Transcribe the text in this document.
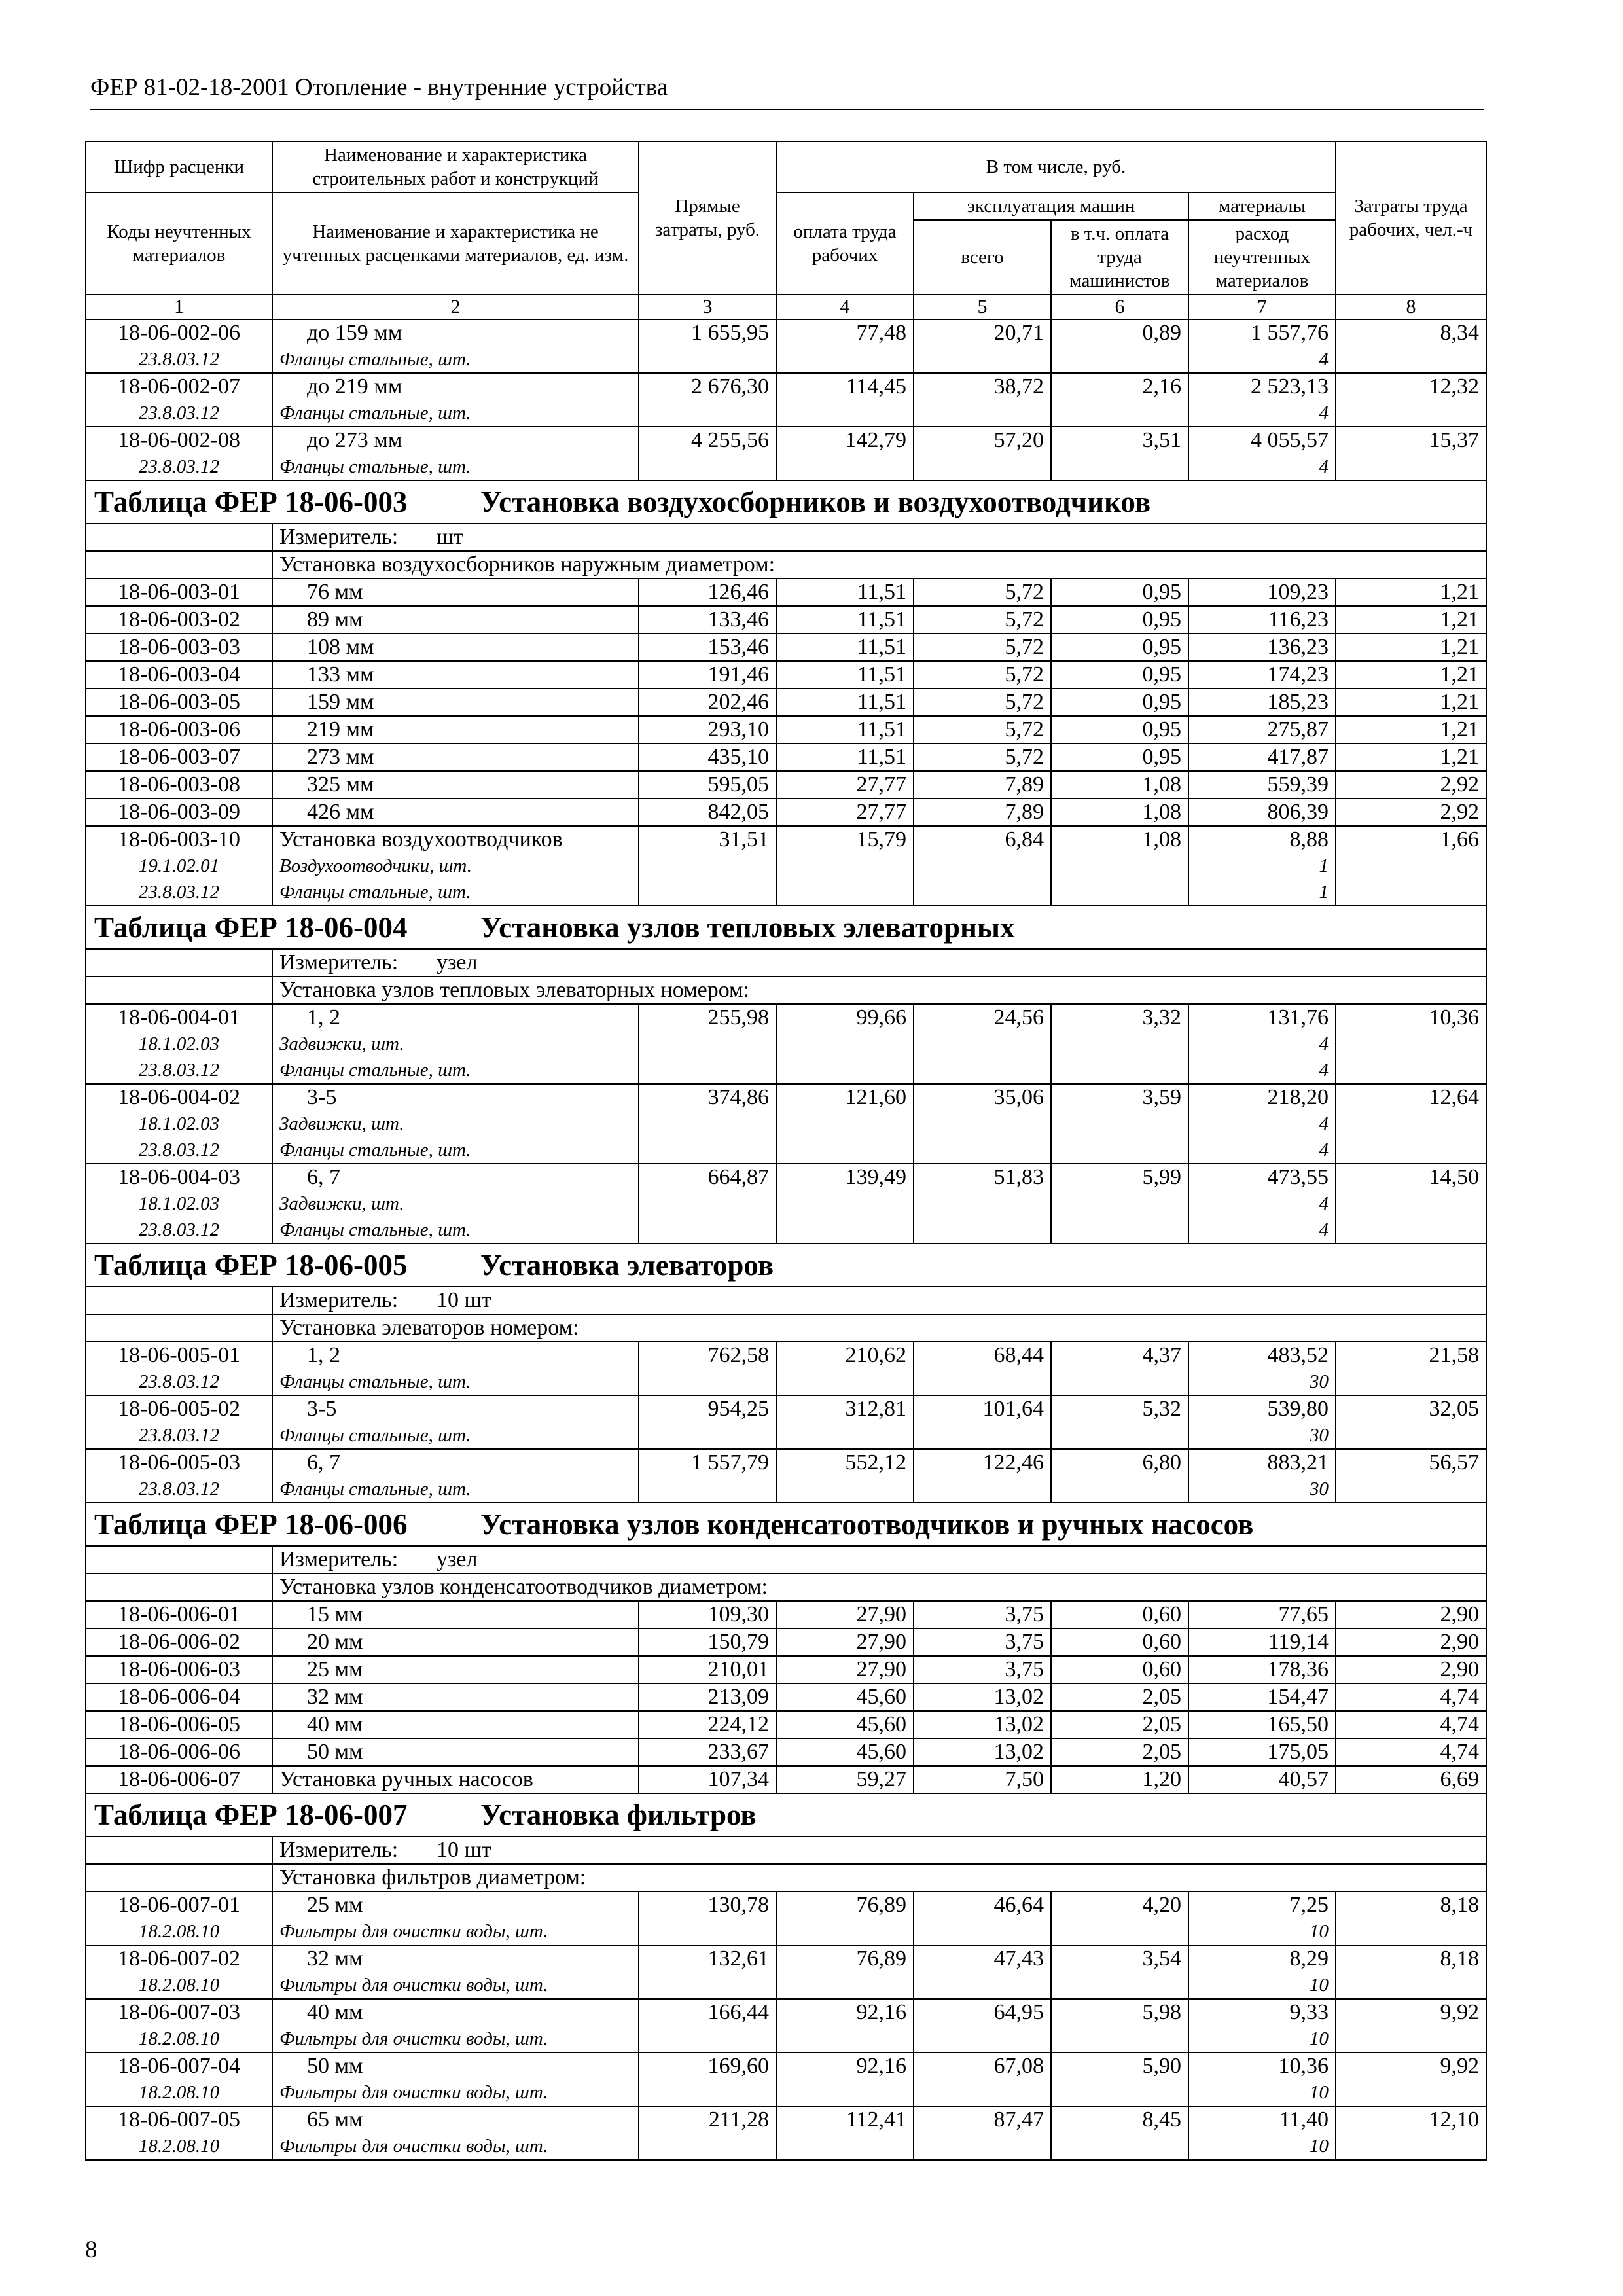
ФЕР 81-02-18-2001 Отопление - внутренние устройства
Шифр расценки	Наименование и характеристика строительных работ и конструкций	Прямые затраты, руб.	В том числе, руб.				Затраты труда рабочих, чел.-ч
Коды неучтенных материалов	Наименование и характеристика не учтенных расценками материалов, ед. изм.		оплата труда рабочих	эксплуатация машин		материалы	
				всего	в т.ч. оплата труда машинистов	расход неучтенных материалов	
1	2	3	4	5	6	7	8
18-06-002-06	до 159 мм	1 655,95	77,48	20,71	0,89	1 557,76	8,34
23.8.03.12	Фланцы стальные, шт.					4	
18-06-002-07	до 219 мм	2 676,30	114,45	38,72	2,16	2 523,13	12,32
23.8.03.12	Фланцы стальные, шт.					4	
18-06-002-08	до 273 мм	4 255,56	142,79	57,20	3,51	4 055,57	15,37
23.8.03.12	Фланцы стальные, шт.					4	
Таблица ФЕР 18-06-003 Установка воздухосборников и воздухоотводчиков							
	Измеритель: шт						
	Установка воздухосборников наружным диаметром:						
18-06-003-01	76 мм	126,46	11,51	5,72	0,95	109,23	1,21
18-06-003-02	89 мм	133,46	11,51	5,72	0,95	116,23	1,21
18-06-003-03	108 мм	153,46	11,51	5,72	0,95	136,23	1,21
18-06-003-04	133 мм	191,46	11,51	5,72	0,95	174,23	1,21
18-06-003-05	159 мм	202,46	11,51	5,72	0,95	185,23	1,21
18-06-003-06	219 мм	293,10	11,51	5,72	0,95	275,87	1,21
18-06-003-07	273 мм	435,10	11,51	5,72	0,95	417,87	1,21
18-06-003-08	325 мм	595,05	27,77	7,89	1,08	559,39	2,92
18-06-003-09	426 мм	842,05	27,77	7,89	1,08	806,39	2,92
18-06-003-10	Установка воздухоотводчиков	31,51	15,79	6,84	1,08	8,88	1,66
19.1.02.01	Воздухоотводчики, шт.					1	
23.8.03.12	Фланцы стальные, шт.					1	
Таблица ФЕР 18-06-004 Установка узлов тепловых элеваторных							
	Измеритель: узел						
	Установка узлов тепловых элеваторных номером:						
18-06-004-01	1, 2	255,98	99,66	24,56	3,32	131,76	10,36
18.1.02.03	Задвижки, шт.					4	
23.8.03.12	Фланцы стальные, шт.					4	
18-06-004-02	3-5	374,86	121,60	35,06	3,59	218,20	12,64
18.1.02.03	Задвижки, шт.					4	
23.8.03.12	Фланцы стальные, шт.					4	
18-06-004-03	6, 7	664,87	139,49	51,83	5,99	473,55	14,50
18.1.02.03	Задвижки, шт.					4	
23.8.03.12	Фланцы стальные, шт.					4	
Таблица ФЕР 18-06-005 Установка элеваторов							
	Измеритель: 10 шт						
	Установка элеваторов номером:						
18-06-005-01	1, 2	762,58	210,62	68,44	4,37	483,52	21,58
23.8.03.12	Фланцы стальные, шт.					30	
18-06-005-02	3-5	954,25	312,81	101,64	5,32	539,80	32,05
23.8.03.12	Фланцы стальные, шт.					30	
18-06-005-03	6, 7	1 557,79	552,12	122,46	6,80	883,21	56,57
23.8.03.12	Фланцы стальные, шт.					30	
Таблица ФЕР 18-06-006 Установка узлов конденсатоотводчиков и ручных насосов							
	Измеритель: узел						
	Установка узлов конденсатоотводчиков диаметром:						
18-06-006-01	15 мм	109,30	27,90	3,75	0,60	77,65	2,90
18-06-006-02	20 мм	150,79	27,90	3,75	0,60	119,14	2,90
18-06-006-03	25 мм	210,01	27,90	3,75	0,60	178,36	2,90
18-06-006-04	32 мм	213,09	45,60	13,02	2,05	154,47	4,74
18-06-006-05	40 мм	224,12	45,60	13,02	2,05	165,50	4,74
18-06-006-06	50 мм	233,67	45,60	13,02	2,05	175,05	4,74
18-06-006-07	Установка ручных насосов	107,34	59,27	7,50	1,20	40,57	6,69
Таблица ФЕР 18-06-007 Установка фильтров							
	Измеритель: 10 шт						
	Установка фильтров диаметром:						
18-06-007-01	25 мм	130,78	76,89	46,64	4,20	7,25	8,18
18.2.08.10	Фильтры для очистки воды, шт.					10	
18-06-007-02	32 мм	132,61	76,89	47,43	3,54	8,29	8,18
18.2.08.10	Фильтры для очистки воды, шт.					10	
18-06-007-03	40 мм	166,44	92,16	64,95	5,98	9,33	9,92
18.2.08.10	Фильтры для очистки воды, шт.					10	
18-06-007-04	50 мм	169,60	92,16	67,08	5,90	10,36	9,92
18.2.08.10	Фильтры для очистки воды, шт.					10	
18-06-007-05	65 мм	211,28	112,41	87,47	8,45	11,40	12,10
18.2.08.10	Фильтры для очистки воды, шт.					10	
8
